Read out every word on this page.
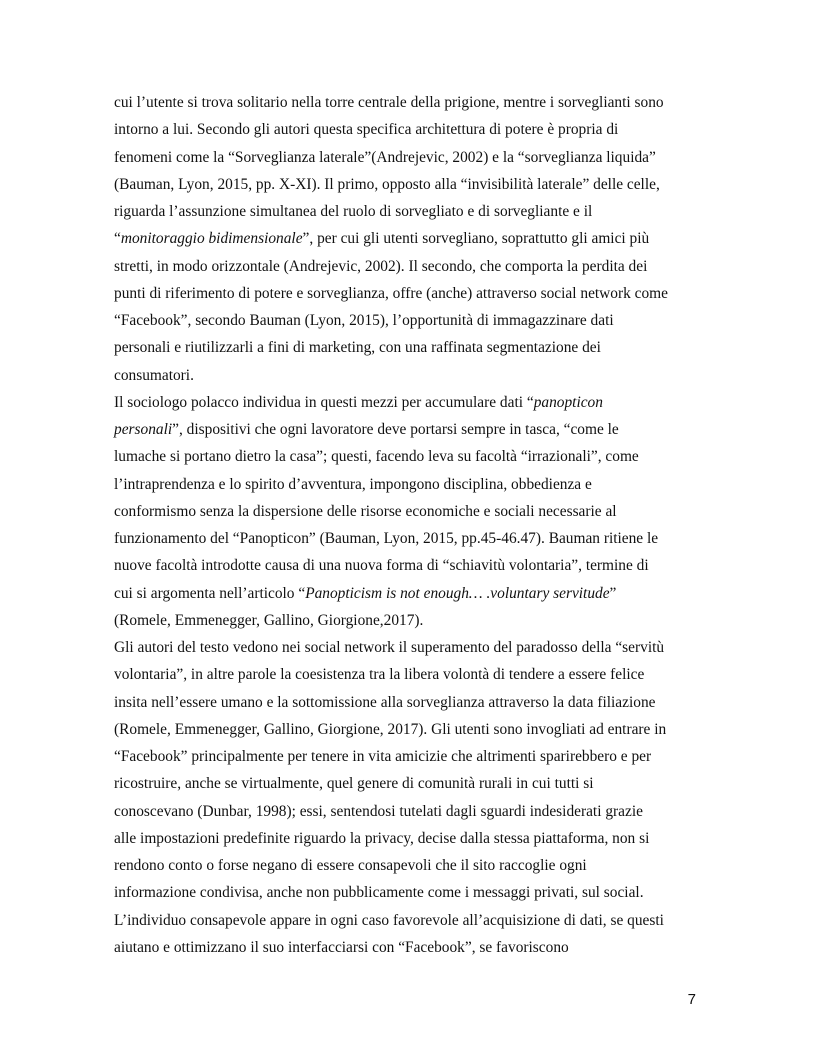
cui l’utente si trova solitario nella torre centrale della prigione, mentre i sorveglianti sono
intorno a lui. Secondo gli autori questa specifica architettura di potere è propria di
fenomeni come la “Sorveglianza laterale”(Andrejevic, 2002) e la “sorveglianza liquida”
(Bauman, Lyon, 2015, pp. X-XI). Il primo, opposto alla “invisibilità laterale” delle celle,
riguarda l’assunzione simultanea del ruolo di sorvegliato e di sorvegliante e il
“monitoraggio bidimensionale”, per cui gli utenti sorvegliano, soprattutto gli amici più
stretti, in modo orizzontale (Andrejevic, 2002). Il secondo, che comporta la perdita dei
punti di riferimento di potere e sorveglianza, offre (anche) attraverso social network come
“Facebook”, secondo Bauman (Lyon, 2015), l’opportunità di immagazzinare dati
personali e riutilizzarli a fini di marketing, con una raffinata segmentazione dei
consumatori.
Il sociologo polacco individua in questi mezzi per accumulare dati “panopticon
personali”, dispositivi che ogni lavoratore deve portarsi sempre in tasca, “come le
lumache si portano dietro la casa”; questi, facendo leva su facoltà “irrazionali”, come
l’intraprendenza e lo spirito d’avventura, impongono disciplina, obbedienza e
conformismo senza la dispersione delle risorse economiche e sociali necessarie al
funzionamento del “Panopticon” (Bauman, Lyon, 2015, pp.45-46.47). Bauman ritiene le
nuove facoltà introdotte causa di una nuova forma di “schiavitù volontaria”, termine di
cui si argomenta nell’articolo “Panopticism is not enough… .voluntary servitude”
(Romele, Emmenegger, Gallino, Giorgione,2017).
Gli autori del testo vedono nei social network il superamento del paradosso della “servitù
volontaria”, in altre parole la coesistenza tra la libera volontà di tendere a essere felice
insita nell’essere umano e la sottomissione alla sorveglianza attraverso la data filiazione
(Romele, Emmenegger, Gallino, Giorgione, 2017). Gli utenti sono invogliati ad entrare in
“Facebook” principalmente per tenere in vita amicizie che altrimenti sparirebbero e per
ricostruire, anche se virtualmente, quel genere di comunità rurali in cui tutti si
conoscevano (Dunbar, 1998); essi, sentendosi tutelati dagli sguardi indesiderati grazie
alle impostazioni predefinite riguardo la privacy, decise dalla stessa piattaforma, non si
rendono conto o forse negano di essere consapevoli che il sito raccoglie ogni
informazione condivisa, anche non pubblicamente come i messaggi privati, sul social.
L’individuo consapevole appare in ogni caso favorevole all’acquisizione di dati, se questi
aiutano e ottimizzano il suo interfacciarsi con “Facebook”, se favoriscono
7
